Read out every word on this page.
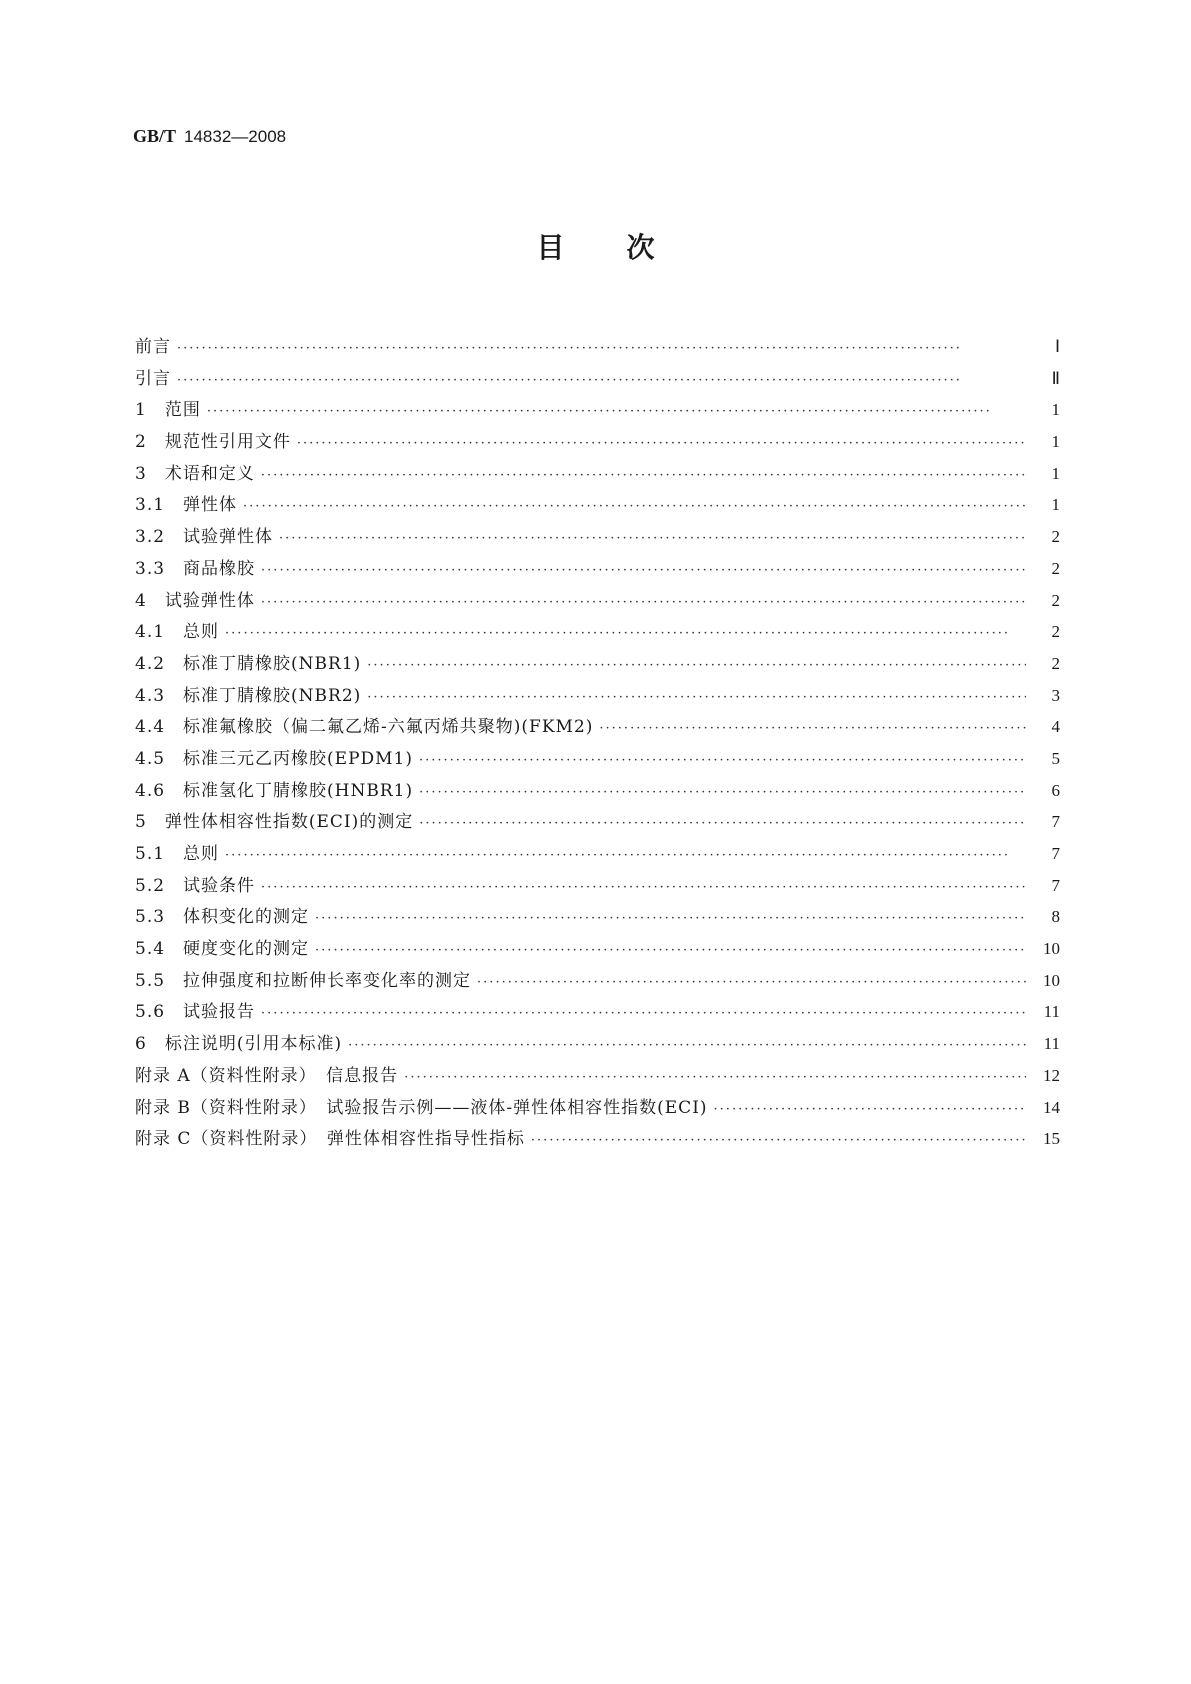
GB/T 14832—2008
目 次
前言 ·····	Ⅰ
引言 ·····	Ⅱ
1　范围 ·····	1
2　规范性引用文件 ·····	1
3　术语和定义 ·····	1
3.1　弹性体 ·····	1
3.2　试验弹性体 ·····	2
3.3　商品橡胶 ·····	2
4　试验弹性体 ·····	2
4.1　总则 ·····	2
4.2　标准丁腈橡胶(NBR1) ·····	2
4.3　标准丁腈橡胶(NBR2) ·····	3
4.4　标准氟橡胶（偏二氟乙烯-六氟丙烯共聚物)(FKM2) ·····	4
4.5　标准三元乙丙橡胶(EPDM1) ·····	5
4.6　标准氢化丁腈橡胶(HNBR1) ·····	6
5　弹性体相容性指数(ECI)的测定 ·····	7
5.1　总则 ·····	7
5.2　试验条件 ·····	7
5.3　体积变化的测定 ·····	8
5.4　硬度变化的测定 ·····	10
5.5　拉伸强度和拉断伸长率变化率的测定 ·····	10
5.6　试验报告 ·····	11
6　标注说明(引用本标准) ·····	11
附录 A（资料性附录）　信息报告 ·····	12
附录 B（资料性附录）　试验报告示例——液体-弹性体相容性指数(ECI) ·····	14
附录 C（资料性附录）　弹性体相容性指导性指标 ·····	15
